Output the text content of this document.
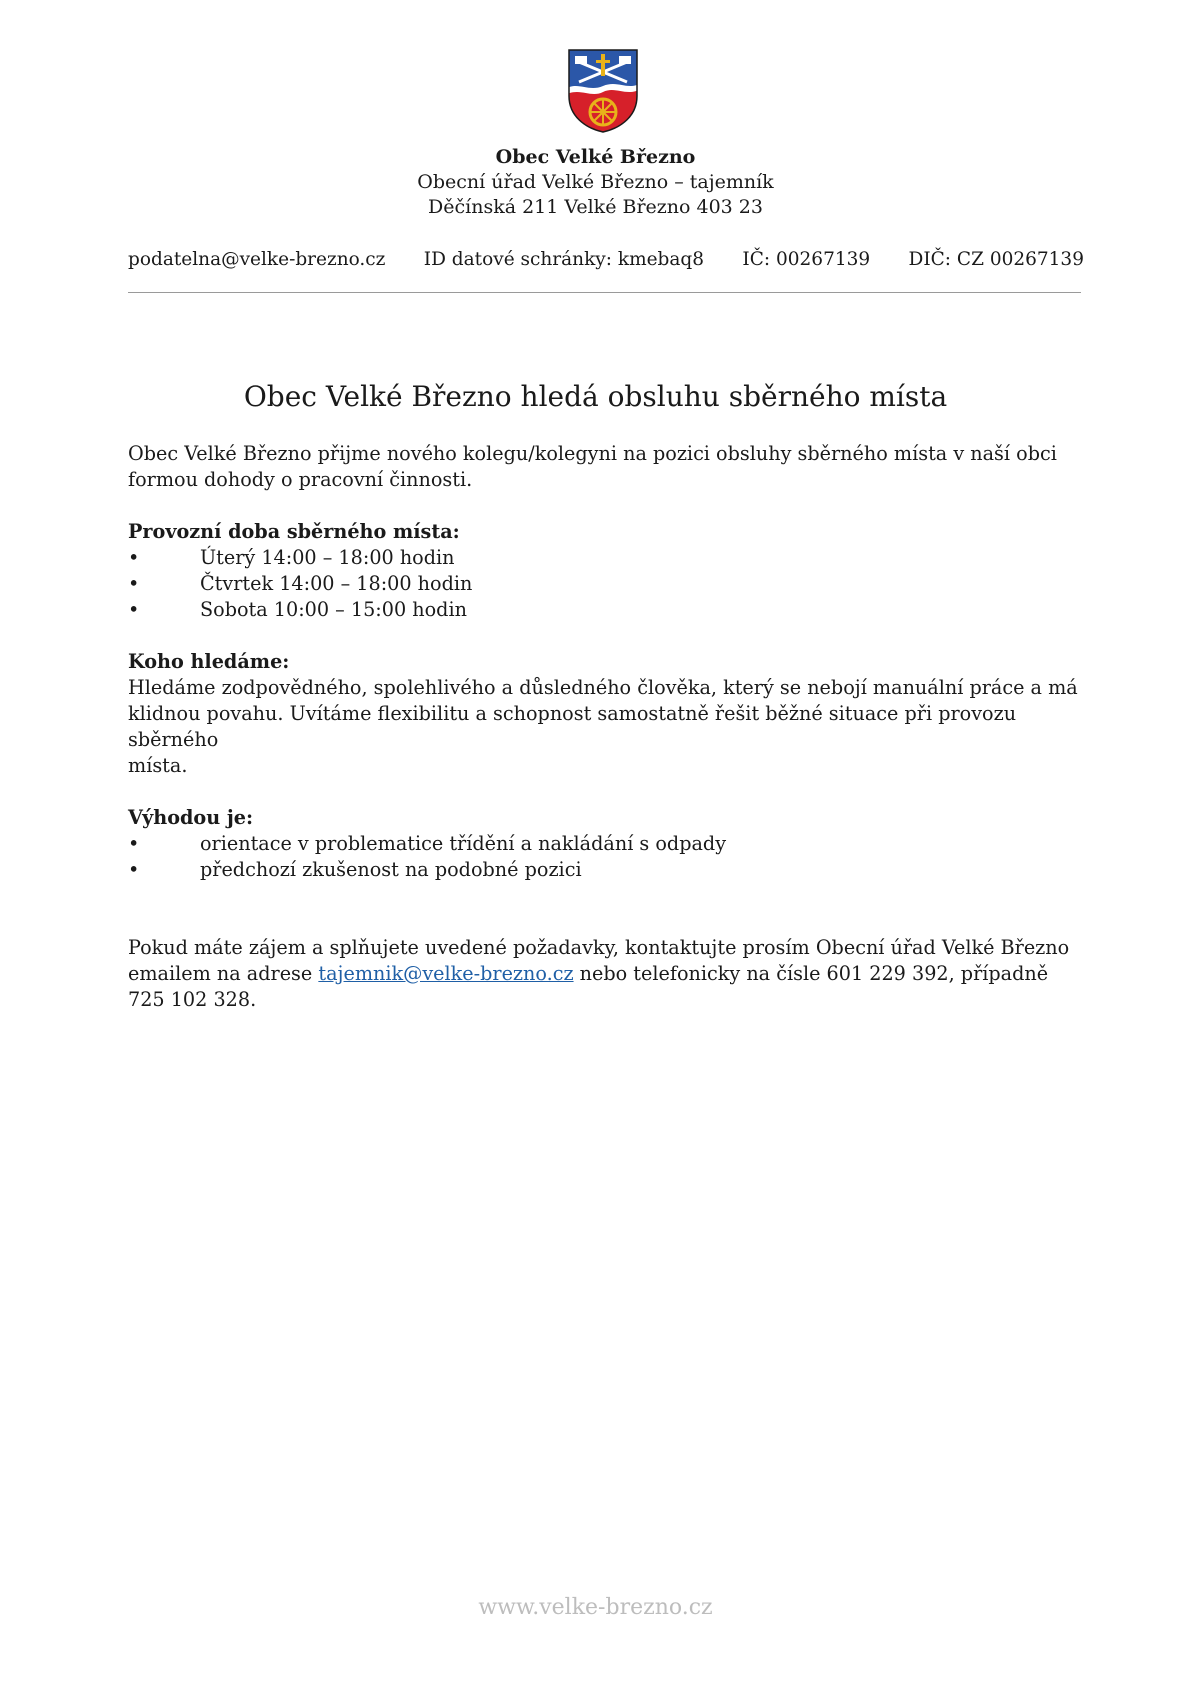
Obec Velké Březno
Obecní úřad Velké Březno – tajemník
Děčínská 211 Velké Březno 403 23
podatelna@velke-brezno.cz ID datové schránky: kmebaq8 IČ: 00267139 DIČ: CZ 00267139
Obec Velké Březno hledá obsluhu sběrného místa

Obec Velké Březno přijme nového kolegu/kolegyni na pozici obsluhy sběrného místa v naší obci

formou dohody o pracovní činnosti.

Provozní doba sběrného místa:

•	Úterý 14:00 – 18:00 hodin
•	Čtvrtek 14:00 – 18:00 hodin
•	Sobota 10:00 – 15:00 hodin

Koho hledáme:

Hledáme zodpovědného, spolehlivého a důsledného člověka, který se nebojí manuální práce a má

klidnou povahu. Uvítáme flexibilitu a schopnost samostatně řešit běžné situace při provozu sběrného

místa.

Výhodou je:

•	orientace v problematice třídění a nakládání s odpady
•	předchozí zkušenost na podobné pozici

Pokud máte zájem a splňujete uvedené požadavky, kontaktujte prosím Obecní úřad Velké Březno

emailem na adrese tajemnik@velke-brezno.cz nebo telefonicky na čísle 601 229 392, případně

725 102 328.

www.velke-brezno.cz
